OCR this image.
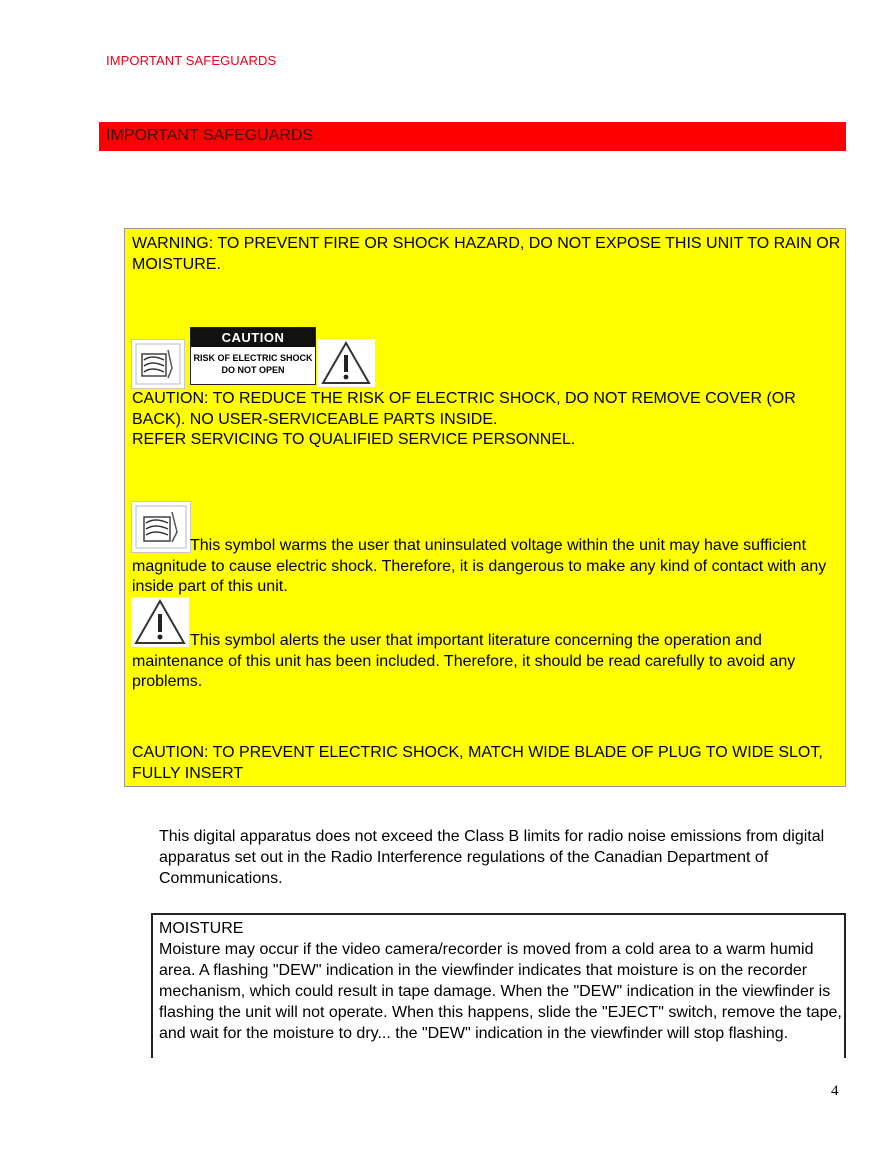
IMPORTANT SAFEGUARDS
IMPORTANT SAFEGUARDS
WARNING: TO PREVENT FIRE OR SHOCK HAZARD, DO NOT EXPOSE THIS UNIT TO RAIN OR MOISTURE.
CAUTION
RISK OF ELECTRIC SHOCK
DO NOT OPEN
CAUTION: TO REDUCE THE RISK OF ELECTRIC SHOCK, DO NOT REMOVE COVER (OR BACK). NO USER-SERVICEABLE PARTS INSIDE.
REFER SERVICING TO QUALIFIED SERVICE PERSONNEL.
This symbol warms the user that uninsulated voltage within the unit may have sufficient magnitude to cause electric shock. Therefore, it is dangerous to make any kind of contact with any inside part of this unit.
This symbol alerts the user that important literature concerning the operation and maintenance of this unit has been included. Therefore, it should be read carefully to avoid any problems.
CAUTION: TO PREVENT ELECTRIC SHOCK, MATCH WIDE BLADE OF PLUG TO WIDE SLOT, FULLY INSERT
This digital apparatus does not exceed the Class B limits for radio noise emissions from digital apparatus set out in the Radio Interference regulations of the Canadian Department of Communications.
MOISTURE
Moisture may occur if the video camera/recorder is moved from a cold area to a warm humid area. A flashing "DEW" indication in the viewfinder indicates that moisture is on the recorder mechanism, which could result in tape damage. When the "DEW" indication in the viewfinder is flashing the unit will not operate. When this happens, slide the "EJECT" switch, remove the tape, and wait for the moisture to dry... the "DEW" indication in the viewfinder will stop flashing.
4
